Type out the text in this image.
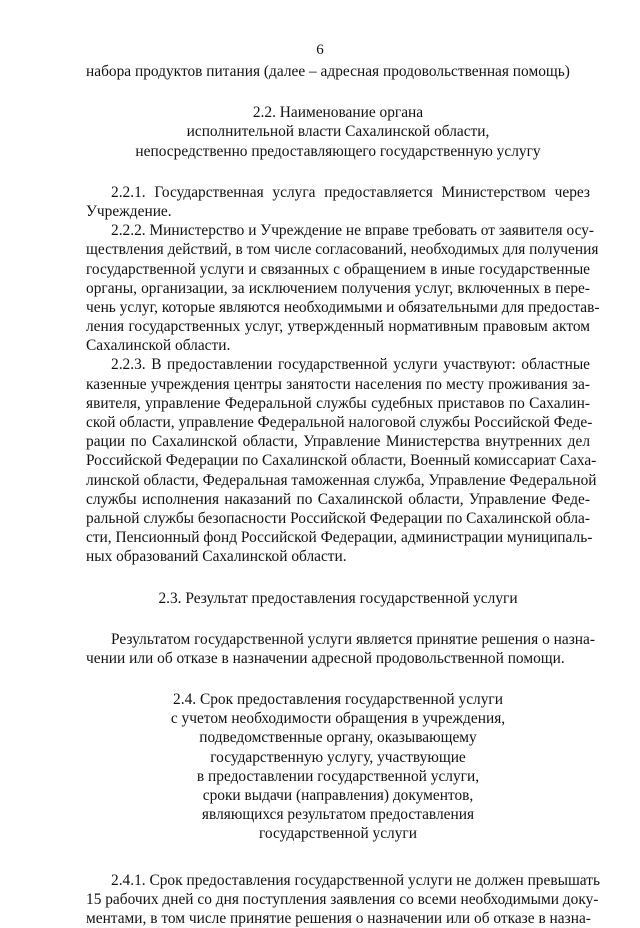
6
набора продуктов питания (далее – адресная продовольственная помощь)
2.2. Наименование органа
исполнительной власти Сахалинской области,
непосредственно предоставляющего государственную услугу
2.2.1. Государственная услуга предоставляется Министерством через
Учреждение.
2.2.2. Министерство и Учреждение не вправе требовать от заявителя осу-
ществления действий, в том числе согласований, необходимых для получения
государственной услуги и связанных с обращением в иные государственные
органы, организации, за исключением получения услуг, включенных в пере-
чень услуг, которые являются необходимыми и обязательными для предостав-
ления государственных услуг, утвержденный нормативным правовым актом
Сахалинской области.
2.2.3. В предоставлении государственной услуги участвуют: областные
казенные учреждения центры занятости населения по месту проживания за-
явителя, управление Федеральной службы судебных приставов по Сахалин-
ской области, управление Федеральной налоговой службы Российской Феде-
рации по Сахалинской области, Управление Министерства внутренних дел
Российской Федерации по Сахалинской области, Военный комиссариат Саха-
линской области, Федеральная таможенная служба, Управление Федеральной
службы исполнения наказаний по Сахалинской области, Управление Феде-
ральной службы безопасности Российской Федерации по Сахалинской обла-
сти, Пенсионный фонд Российской Федерации, администрации муниципаль-
ных образований Сахалинской области.
2.3. Результат предоставления государственной услуги
Результатом государственной услуги является принятие решения о назна-
чении или об отказе в назначении адресной продовольственной помощи.
2.4. Срок предоставления государственной услуги
с учетом необходимости обращения в учреждения,
подведомственные органу, оказывающему
государственную услугу, участвующие
в предоставлении государственной услуги,
сроки выдачи (направления) документов,
являющихся результатом предоставления
государственной услуги
2.4.1. Срок предоставления государственной услуги не должен превышать
15 рабочих дней со дня поступления заявления со всеми необходимыми доку-
ментами, в том числе принятие решения о назначении или об отказе в назна-
